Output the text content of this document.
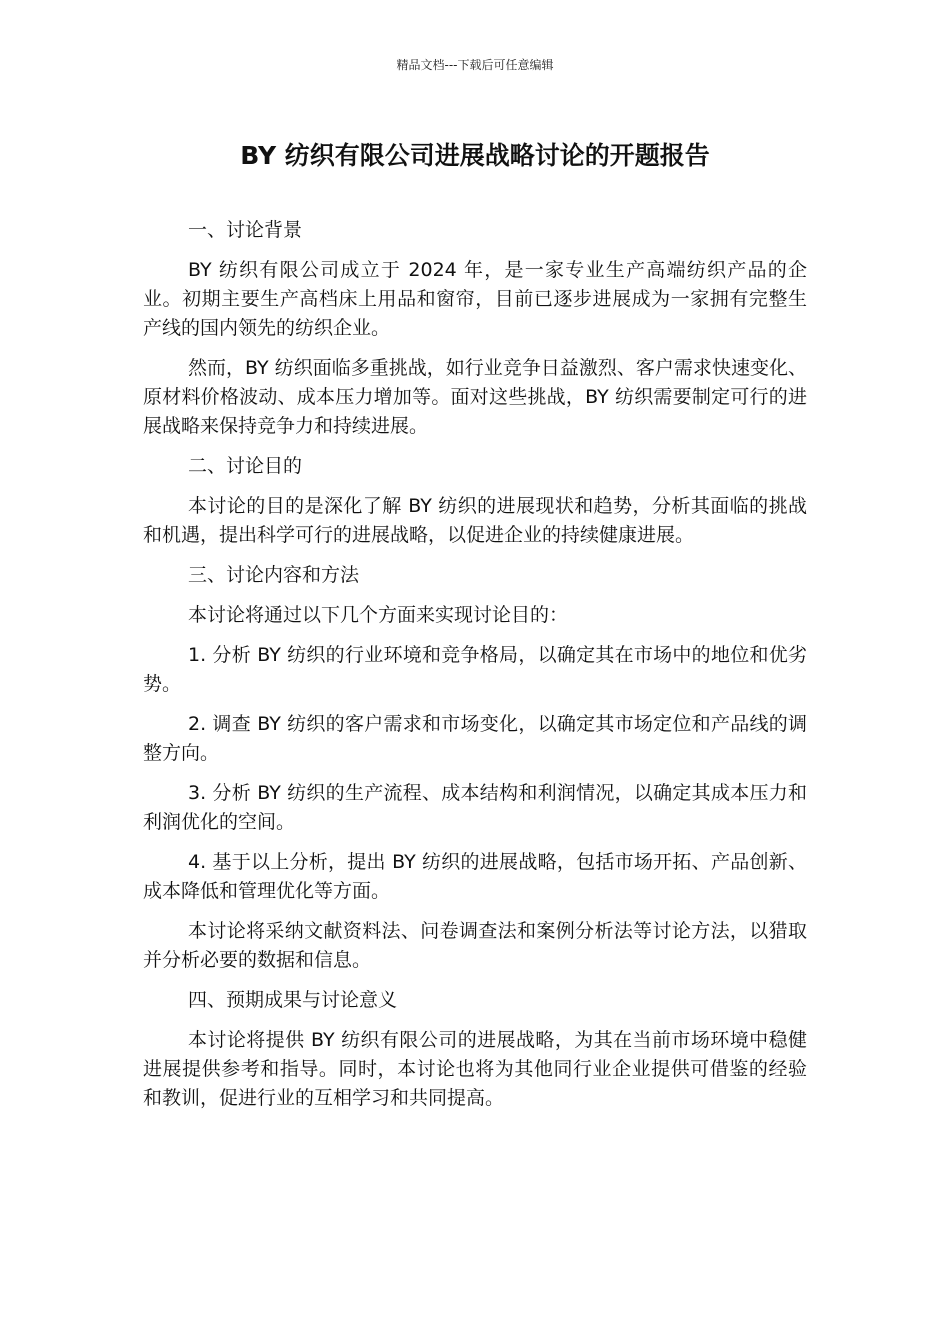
精品文档---下载后可任意编辑
BY 纺织有限公司进展战略讨论的开题报告

一、讨论背景

BY 纺织有限公司成立于 2024 年，是一家专业生产高端纺织产品的企业。初期主要生产高档床上用品和窗帘，目前已逐步进展成为一家拥有完整生产线的国内领先的纺织企业。

然而，BY 纺织面临多重挑战，如行业竞争日益激烈、客户需求快速变化、原材料价格波动、成本压力增加等。面对这些挑战，BY 纺织需要制定可行的进展战略来保持竞争力和持续进展。

二、讨论目的

本讨论的目的是深化了解 BY 纺织的进展现状和趋势，分析其面临的挑战和机遇，提出科学可行的进展战略，以促进企业的持续健康进展。

三、讨论内容和方法

本讨论将通过以下几个方面来实现讨论目的：

1. 分析 BY 纺织的行业环境和竞争格局，以确定其在市场中的地位和优劣势。

2. 调查 BY 纺织的客户需求和市场变化，以确定其市场定位和产品线的调整方向。

3. 分析 BY 纺织的生产流程、成本结构和利润情况，以确定其成本压力和利润优化的空间。

4. 基于以上分析，提出 BY 纺织的进展战略，包括市场开拓、产品创新、成本降低和管理优化等方面。

本讨论将采纳文献资料法、问卷调查法和案例分析法等讨论方法，以猎取并分析必要的数据和信息。

四、预期成果与讨论意义

本讨论将提供 BY 纺织有限公司的进展战略，为其在当前市场环境中稳健进展提供参考和指导。同时，本讨论也将为其他同行业企业提供可借鉴的经验和教训，促进行业的互相学习和共同提高。
